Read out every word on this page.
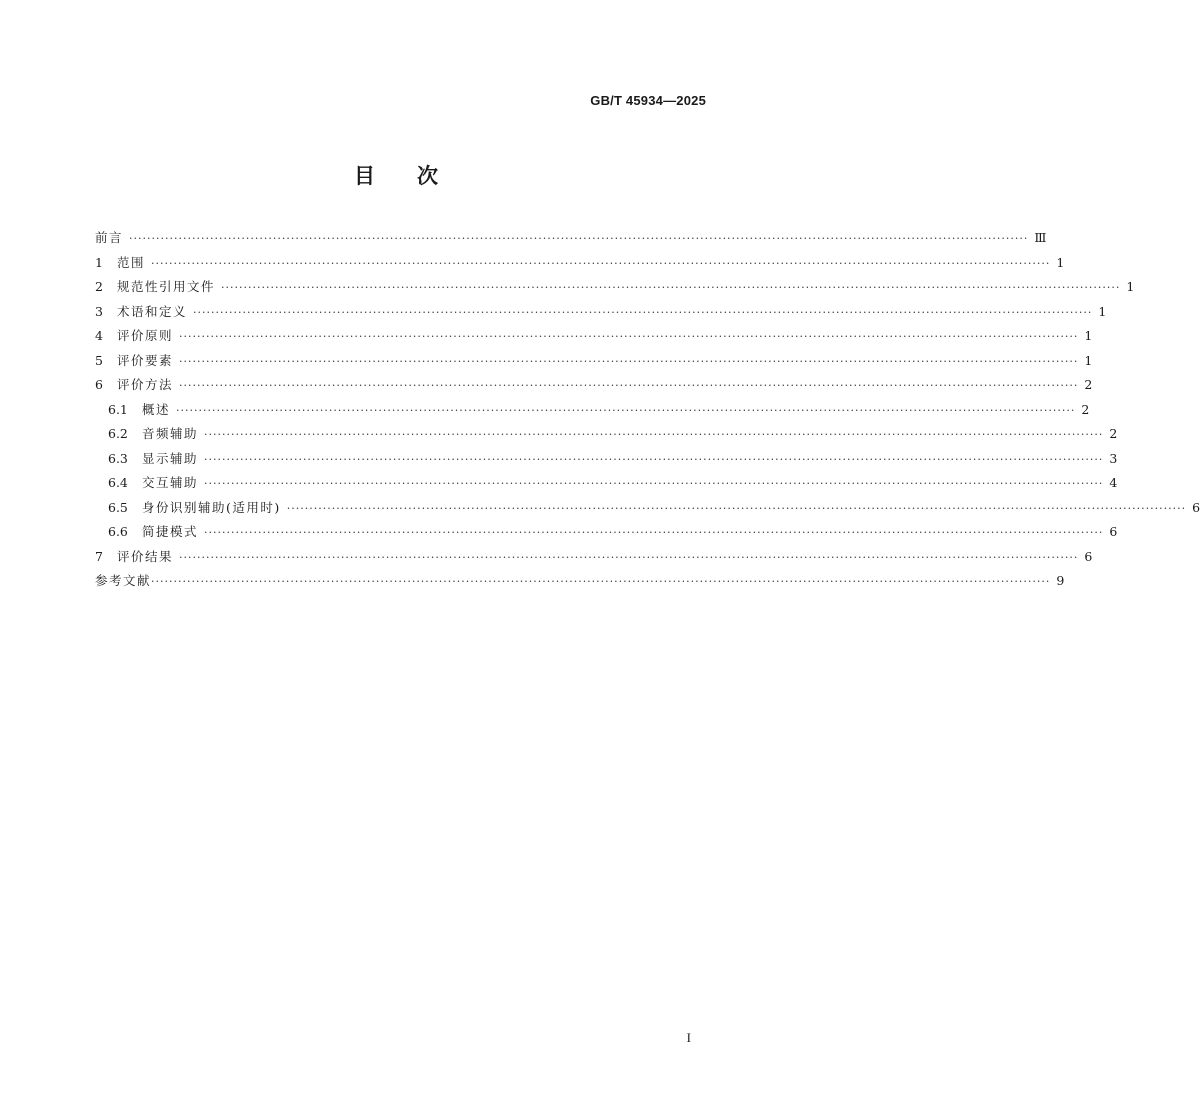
GB/T 45934—2025
目　　次
前言 ········································································································································································································ Ⅲ
1	范围 ········································································································································································································ 1
2	规范性引用文件 ········································································································································································································ 1
3	术语和定义 ········································································································································································································ 1
4	评价原则 ········································································································································································································ 1
5	评价要素 ········································································································································································································ 1
6	评价方法 ········································································································································································································ 2
6.1	概述 ········································································································································································································ 2
6.2	音频辅助 ········································································································································································································ 2
6.3	显示辅助 ········································································································································································································ 3
6.4	交互辅助 ········································································································································································································ 4
6.5	身份识别辅助(适用时) ········································································································································································································ 6
6.6	简捷模式 ········································································································································································································ 6
7	评价结果 ········································································································································································································ 6
参考文献 ········································································································································································································ 9
I
